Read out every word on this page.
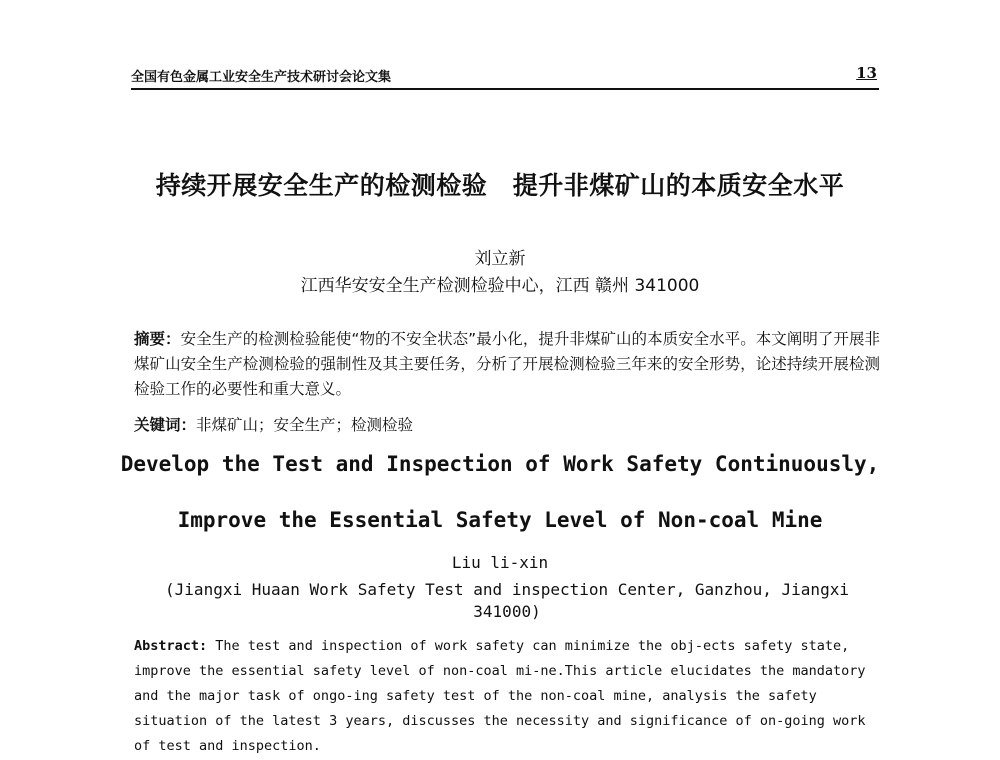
全国有色金属工业安全生产技术研讨会论文集	13
持续开展安全生产的检测检验　提升非煤矿山的本质安全水平
刘立新
江西华安安全生产检测检验中心，江西 赣州 341000
摘要：安全生产的检测检验能使“物的不安全状态”最小化，提升非煤矿山的本质安全水平。本文阐明了开展非煤矿山安全生产检测检验的强制性及其主要任务，分析了开展检测检验三年来的安全形势，论述持续开展检测检验工作的必要性和重大意义。
关键词：非煤矿山；安全生产；检测检验
Develop the Test and Inspection of Work Safety Continuously,
Improve the Essential Safety Level of Non-coal Mine
Liu li-xin
(Jiangxi Huaan Work Safety Test and inspection Center, Ganzhou, Jiangxi 341000)
Abstract: The test and inspection of work safety can minimize the obj-ects safety state, improve the essential safety level of non-coal mi-ne.This article elucidates the mandatory and the major task of ongo-ing safety test of the non-coal mine, analysis the safety situation of the latest 3 years, discusses the necessity and significance of on-going work of test and inspection.
